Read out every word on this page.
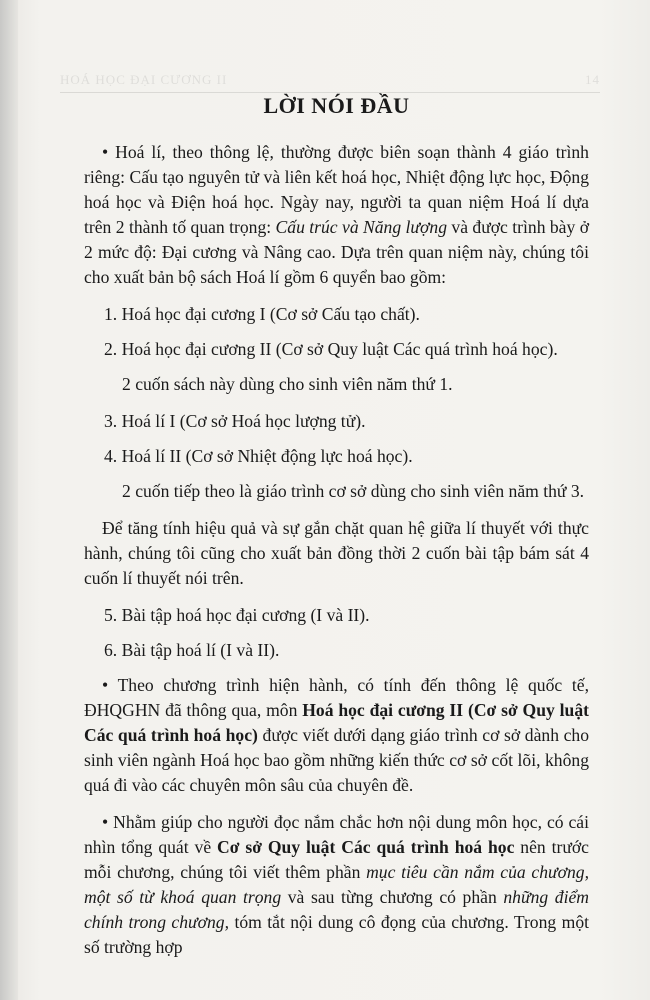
HOÁ HỌC ĐẠI CƯƠNG II	14
LỜI NÓI ĐẦU

• Hoá lí, theo thông lệ, thường được biên soạn thành 4 giáo trình riêng: Cấu tạo nguyên tử và liên kết hoá học, Nhiệt động lực học, Động hoá học và Điện hoá học. Ngày nay, người ta quan niệm Hoá lí dựa trên 2 thành tố quan trọng: Cấu trúc và Năng lượng và được trình bày ở 2 mức độ: Đại cương và Nâng cao. Dựa trên quan niệm này, chúng tôi cho xuất bản bộ sách Hoá lí gồm 6 quyển bao gồm:

1. Hoá học đại cương I (Cơ sở Cấu tạo chất).
2. Hoá học đại cương II (Cơ sở Quy luật Các quá trình hoá học).
2 cuốn sách này dùng cho sinh viên năm thứ 1.
3. Hoá lí I (Cơ sở Hoá học lượng tử).
4. Hoá lí II (Cơ sở Nhiệt động lực hoá học).
2 cuốn tiếp theo là giáo trình cơ sở dùng cho sinh viên năm thứ 3.

Để tăng tính hiệu quả và sự gắn chặt quan hệ giữa lí thuyết với thực hành, chúng tôi cũng cho xuất bản đồng thời 2 cuốn bài tập bám sát 4 cuốn lí thuyết nói trên.

5. Bài tập hoá học đại cương (I và II).
6. Bài tập hoá lí (I và II).

• Theo chương trình hiện hành, có tính đến thông lệ quốc tế, ĐHQGHN đã thông qua, môn Hoá học đại cương II (Cơ sở Quy luật Các quá trình hoá học) được viết dưới dạng giáo trình cơ sở dành cho sinh viên ngành Hoá học bao gồm những kiến thức cơ sở cốt lõi, không quá đi vào các chuyên môn sâu của chuyên đề.

• Nhằm giúp cho người đọc nắm chắc hơn nội dung môn học, có cái nhìn tổng quát về Cơ sở Quy luật Các quá trình hoá học nên trước mỗi chương, chúng tôi viết thêm phần mục tiêu cần nắm của chương, một số từ khoá quan trọng và sau từng chương có phần những điểm chính trong chương, tóm tắt nội dung cô đọng của chương. Trong một số trường hợp
